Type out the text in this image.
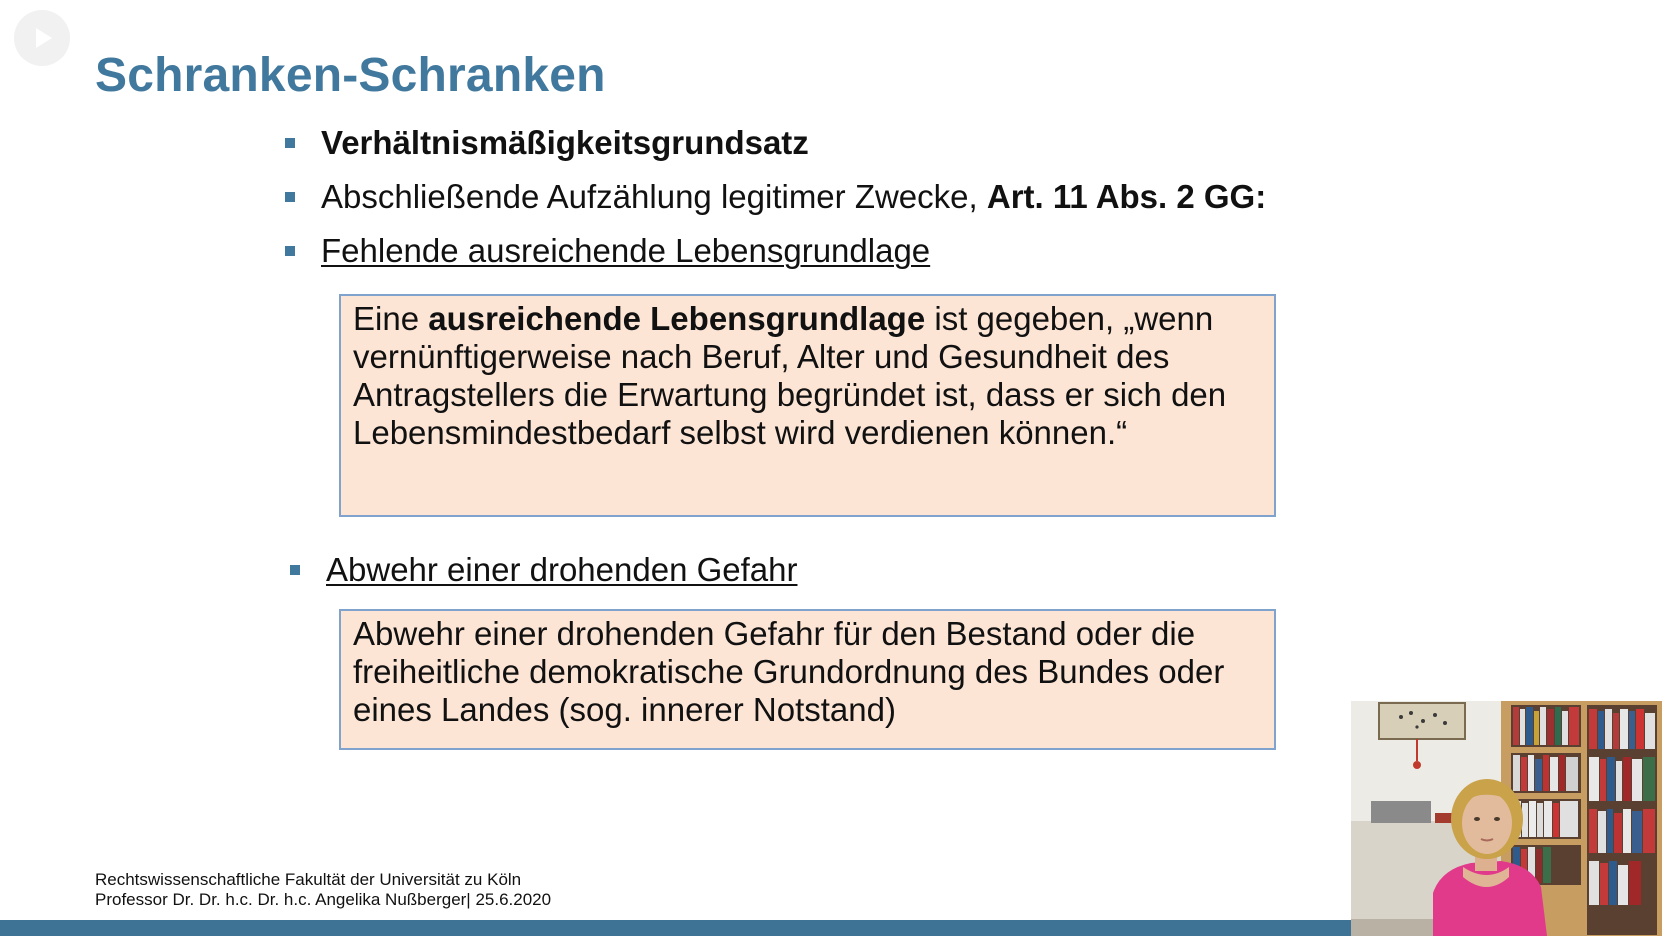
Schranken-Schranken
Verhältnismäßigkeitsgrundsatz
Abschließende Aufzählung legitimer Zwecke, Art. 11 Abs. 2 GG:
Fehlende ausreichende Lebensgrundlage

Eine ausreichende Lebensgrundlage ist gegeben, „wenn vernünftigerweise nach Beruf, Alter und Gesundheit des Antragstellers die Erwartung begründet ist, dass er sich den Lebensmindestbedarf selbst wird verdienen können.“

Abwehr einer drohenden Gefahr

Abwehr einer drohenden Gefahr für den Bestand oder die freiheitliche demokratische Grundordnung des Bundes oder eines Landes (sog. innerer Notstand)

Rechtswissenschaftliche Fakultät der Universität zu Köln
Professor Dr. Dr. h.c. Dr. h.c. Angelika Nußberger| 25.6.2020
